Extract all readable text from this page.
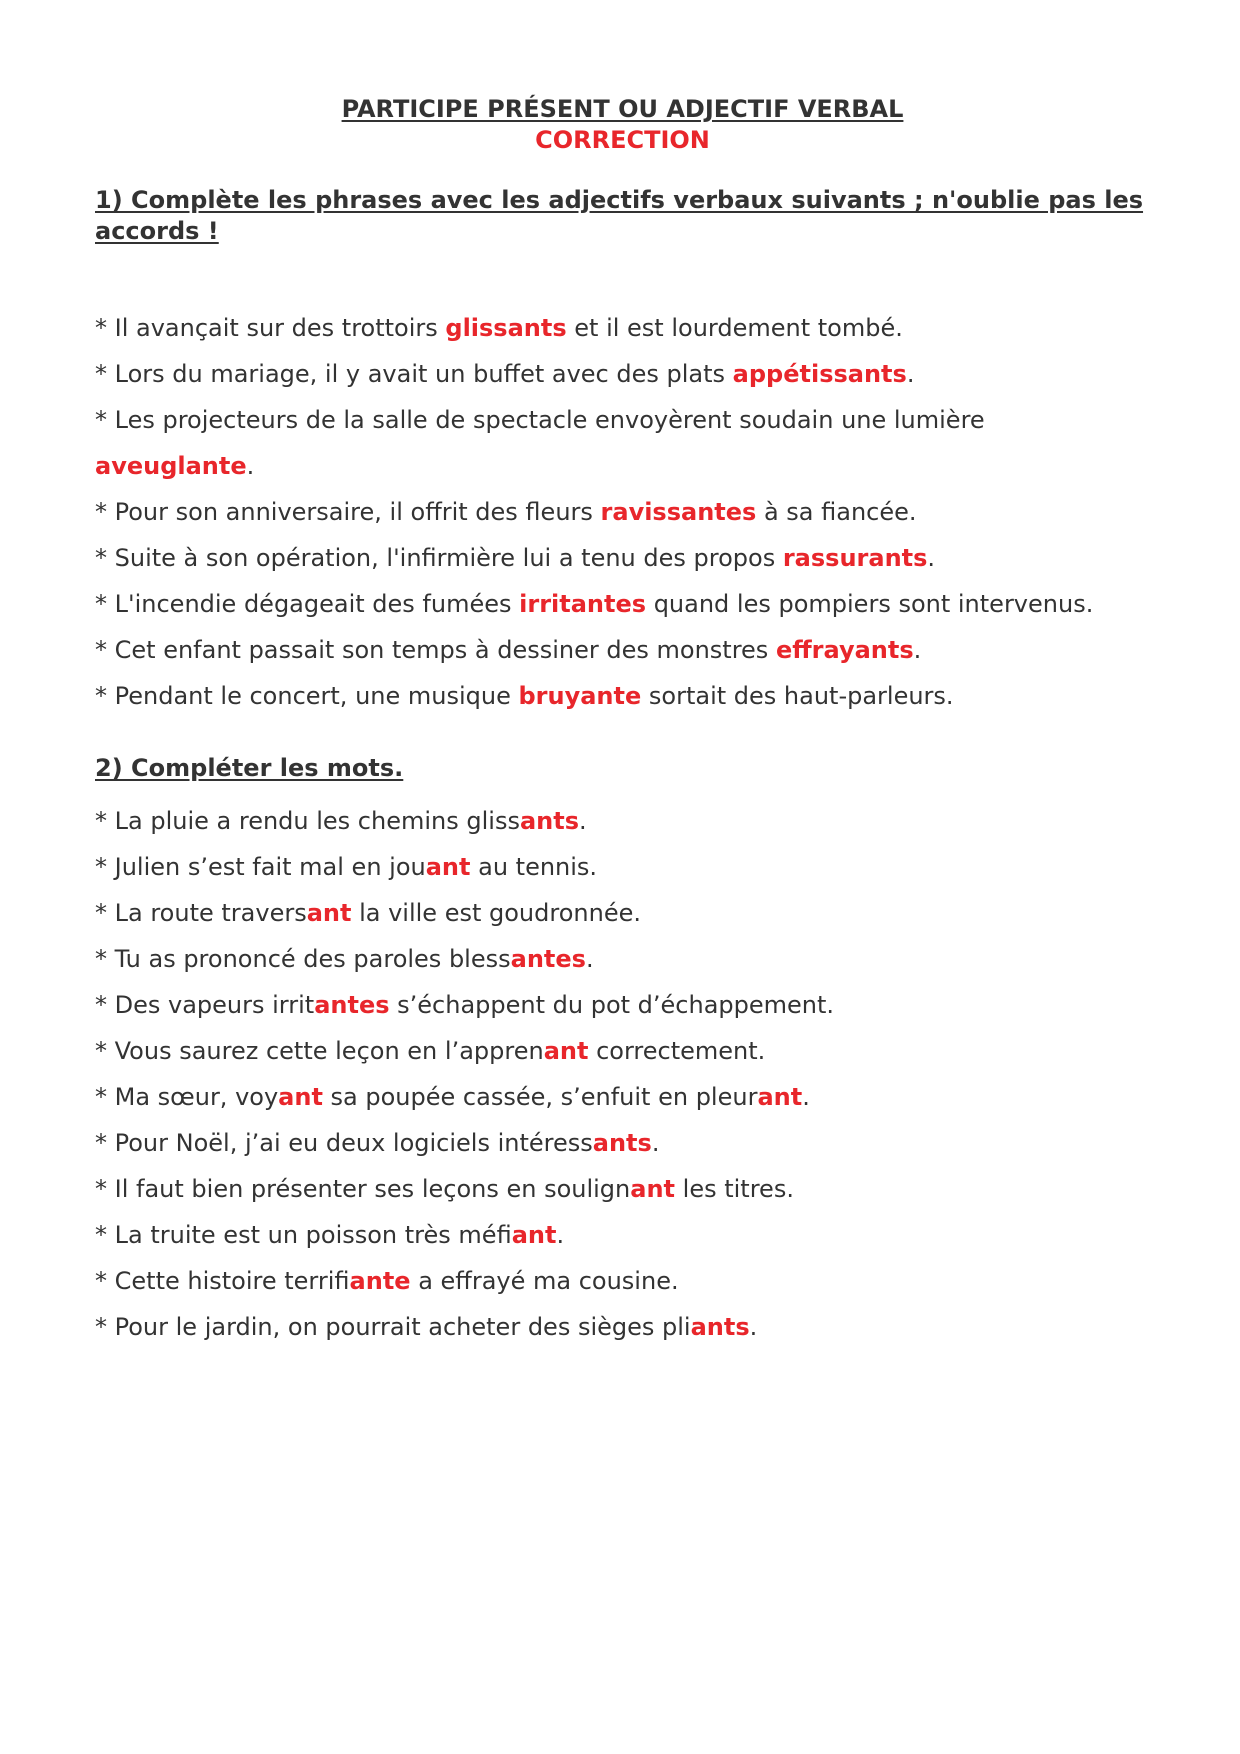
PARTICIPE PRÉSENT OU ADJECTIF VERBAL
CORRECTION
1) Complète les phrases avec les adjectifs verbaux suivants ; n'oublie pas les accords !
* Il avançait sur des trottoirs glissants et il est lourdement tombé.
* Lors du mariage, il y avait un buffet avec des plats appétissants.
* Les projecteurs de la salle de spectacle envoyèrent soudain une lumière aveuglante.
* Pour son anniversaire, il offrit des fleurs ravissantes à sa fiancée.
* Suite à son opération, l'infirmière lui a tenu des propos rassurants.
* L'incendie dégageait des fumées irritantes quand les pompiers sont intervenus.
* Cet enfant passait son temps à dessiner des monstres effrayants.
* Pendant le concert, une musique bruyante sortait des haut-parleurs.
2) Compléter les mots.
* La pluie a rendu les chemins glissants.
* Julien s’est fait mal en jouant au tennis.
* La route traversant la ville est goudronnée.
* Tu as prononcé des paroles blessantes.
* Des vapeurs irritantes s’échappent du pot d’échappement.
* Vous saurez cette leçon en l’apprenant correctement.
* Ma sœur, voyant sa poupée cassée, s’enfuit en pleurant.
* Pour Noël, j’ai eu deux logiciels intéressants.
* Il faut bien présenter ses leçons en soulignant les titres.
* La truite est un poisson très méfiant.
* Cette histoire terrifiante a effrayé ma cousine.
* Pour le jardin, on pourrait acheter des sièges pliants.
